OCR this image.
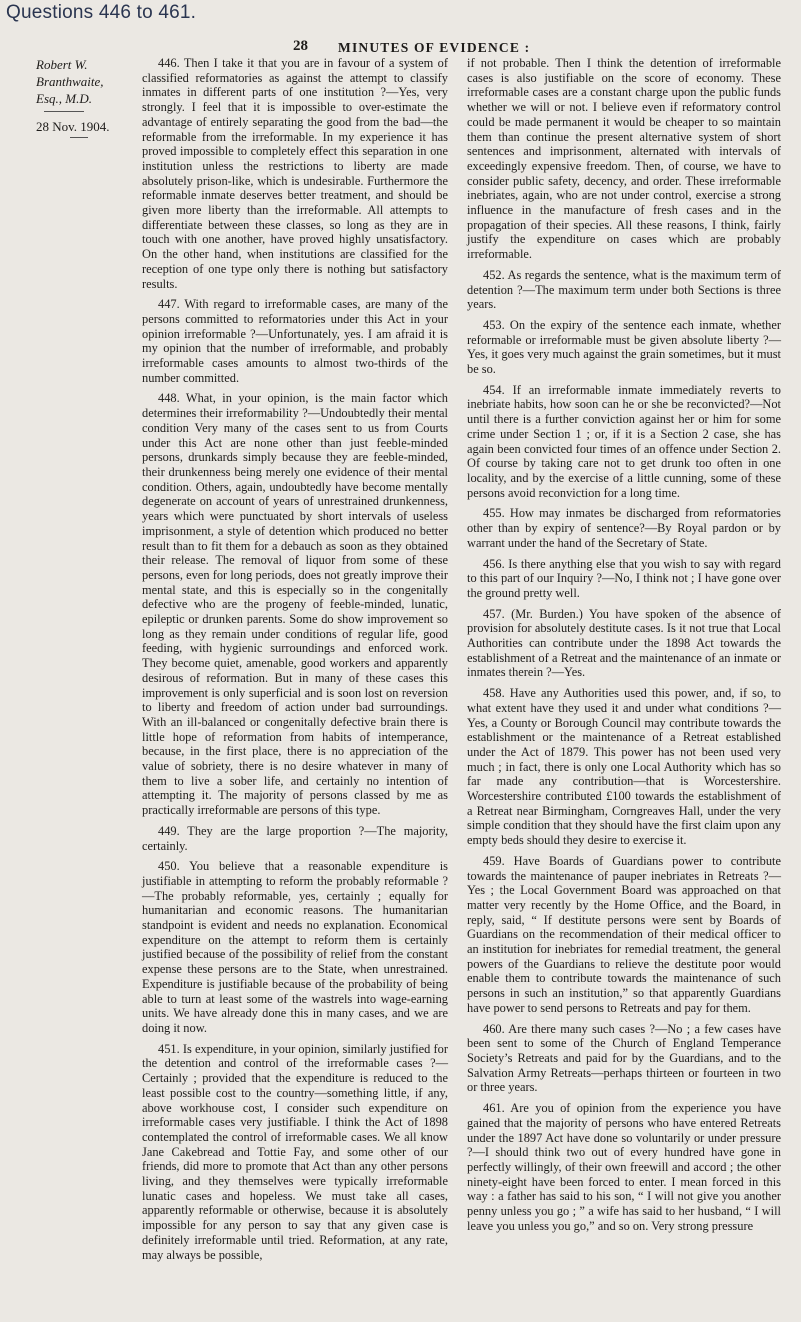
Questions 446 to 461.
28 MINUTES OF EVIDENCE :
Robert W.
Branthwaite,
Esq., M.D.
28 Nov. 1904.

446. Then I take it that you are in favour of a system of classified reformatories as against the attempt to classify inmates in different parts of one institution ?—Yes, very strongly. I feel that it is impossible to over-estimate the advantage of entirely separating the good from the bad—the reformable from the irreformable. In my experience it has proved impossible to completely effect this separation in one institution unless the restrictions to liberty are made absolutely prison-like, which is undesirable. Furthermore the reformable inmate deserves better treatment, and should be given more liberty than the irreformable. All attempts to differentiate between these classes, so long as they are in touch with one another, have proved highly unsatisfactory. On the other hand, when institutions are classified for the reception of one type only there is nothing but satisfactory results.

447. With regard to irreformable cases, are many of the persons committed to reformatories under this Act in your opinion irreformable ?—Unfortunately, yes. I am afraid it is my opinion that the number of irreformable, and probably irreformable cases amounts to almost two-thirds of the number committed.

448. What, in your opinion, is the main factor which determines their irreformability ?—Undoubtedly their mental condition Very many of the cases sent to us from Courts under this Act are none other than just feeble-minded persons, drunkards simply because they are feeble-minded, their drunkenness being merely one evidence of their mental condition. Others, again, undoubtedly have become mentally degenerate on account of years of unrestrained drunkenness, years which were punctuated by short intervals of useless imprisonment, a style of detention which produced no better result than to fit them for a debauch as soon as they obtained their release. The removal of liquor from some of these persons, even for long periods, does not greatly improve their mental state, and this is especially so in the congenitally defective who are the progeny of feeble-minded, lunatic, epileptic or drunken parents. Some do show improvement so long as they remain under conditions of regular life, good feeding, with hygienic surroundings and enforced work. They become quiet, amenable, good workers and apparently desirous of reformation. But in many of these cases this improvement is only superficial and is soon lost on reversion to liberty and freedom of action under bad surroundings. With an ill-balanced or congenitally defective brain there is little hope of reformation from habits of intemperance, because, in the first place, there is no appreciation of the value of sobriety, there is no desire whatever in many of them to live a sober life, and certainly no intention of attempting it. The majority of persons classed by me as practically irreformable are persons of this type.

449. They are the large proportion ?—The majority, certainly.

450. You believe that a reasonable expenditure is justifiable in attempting to reform the probably reformable ?—The probably reformable, yes, certainly ; equally for humanitarian and economic reasons. The humanitarian standpoint is evident and needs no explanation. Economical expenditure on the attempt to reform them is certainly justified because of the possibility of relief from the constant expense these persons are to the State, when unrestrained. Expenditure is justifiable because of the probability of being able to turn at least some of the wastrels into wage-earning units. We have already done this in many cases, and we are doing it now.

451. Is expenditure, in your opinion, similarly justified for the detention and control of the irreformable cases ?—Certainly ; provided that the expenditure is reduced to the least possible cost to the country—something little, if any, above workhouse cost, I consider such expenditure on irreformable cases very justifiable. I think the Act of 1898 contemplated the control of irreformable cases. We all know Jane Cakebread and Tottie Fay, and some other of our friends, did more to promote that Act than any other persons living, and they themselves were typically irreformable lunatic cases and hopeless. We must take all cases, apparently reformable or otherwise, because it is absolutely impossible for any person to say that any given case is definitely irreformable until tried. Reformation, at any rate, may always be possible,

if not probable. Then I think the detention of irreformable cases is also justifiable on the score of economy. These irreformable cases are a constant charge upon the public funds whether we will or not. I believe even if reformatory control could be made permanent it would be cheaper to so maintain them than continue the present alternative system of short sentences and imprisonment, alternated with intervals of exceedingly expensive freedom. Then, of course, we have to consider public safety, decency, and order. These irreformable inebriates, again, who are not under control, exercise a strong influence in the manufacture of fresh cases and in the propagation of their species. All these reasons, I think, fairly justify the expenditure on cases which are probably irreformable.

452. As regards the sentence, what is the maximum term of detention ?—The maximum term under both Sections is three years.

453. On the expiry of the sentence each inmate, whether reformable or irreformable must be given absolute liberty ?—Yes, it goes very much against the grain sometimes, but it must be so.

454. If an irreformable inmate immediately reverts to inebriate habits, how soon can he or she be reconvicted?—Not until there is a further conviction against her or him for some crime under Section 1 ; or, if it is a Section 2 case, she has again been convicted four times of an offence under Section 2. Of course by taking care not to get drunk too often in one locality, and by the exercise of a little cunning, some of these persons avoid reconviction for a long time.

455. How may inmates be discharged from reformatories other than by expiry of sentence?—By Royal pardon or by warrant under the hand of the Secretary of State.

456. Is there anything else that you wish to say with regard to this part of our Inquiry ?—No, I think not ; I have gone over the ground pretty well.

457. (Mr. Burden.) You have spoken of the absence of provision for absolutely destitute cases. Is it not true that Local Authorities can contribute under the 1898 Act towards the establishment of a Retreat and the maintenance of an inmate or inmates therein ?—Yes.

458. Have any Authorities used this power, and, if so, to what extent have they used it and under what conditions ?—Yes, a County or Borough Council may contribute towards the establishment or the maintenance of a Retreat established under the Act of 1879. This power has not been used very much ; in fact, there is only one Local Authority which has so far made any contribution—that is Worcestershire. Worcestershire contributed £100 towards the establishment of a Retreat near Birmingham, Corngreaves Hall, under the very simple condition that they should have the first claim upon any empty beds should they desire to exercise it.

459. Have Boards of Guardians power to contribute towards the maintenance of pauper inebriates in Retreats ?—Yes ; the Local Government Board was approached on that matter very recently by the Home Office, and the Board, in reply, said, “ If destitute persons were sent by Boards of Guardians on the recommendation of their medical officer to an institution for inebriates for remedial treatment, the general powers of the Guardians to relieve the destitute poor would enable them to contribute towards the maintenance of such persons in such an institution,” so that apparently Guardians have power to send persons to Retreats and pay for them.

460. Are there many such cases ?—No ; a few cases have been sent to some of the Church of England Temperance Society’s Retreats and paid for by the Guardians, and to the Salvation Army Retreats—perhaps thirteen or fourteen in two or three years.

461. Are you of opinion from the experience you have gained that the majority of persons who have entered Retreats under the 1897 Act have done so voluntarily or under pressure ?—I should think two out of every hundred have gone in perfectly willingly, of their own freewill and accord ; the other ninety-eight have been forced to enter. I mean forced in this way : a father has said to his son, “ I will not give you another penny unless you go ; ” a wife has said to her husband, “ I will leave you unless you go,” and so on. Very strong pressure
